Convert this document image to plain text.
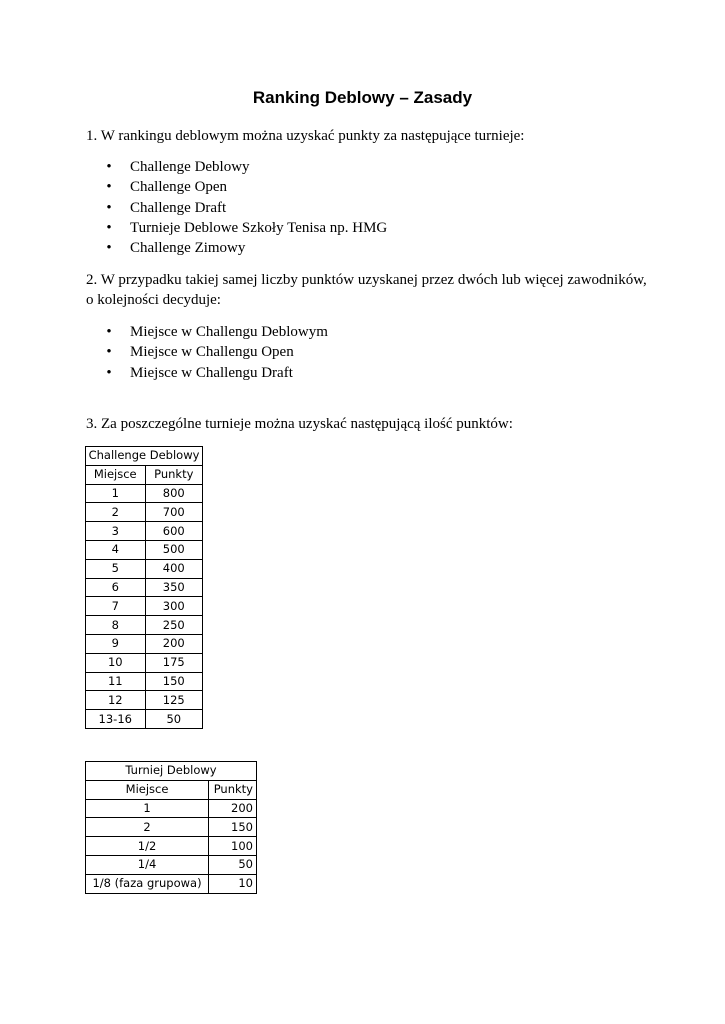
Ranking Deblowy – Zasady
1. W rankingu deblowym można uzyskać punkty za następujące turnieje:
• Challenge Deblowy
• Challenge Open
• Challenge Draft
• Turnieje Deblowe Szkoły Tenisa np. HMG
• Challenge Zimowy
2. W przypadku takiej samej liczby punktów uzyskanej przez dwóch lub więcej zawodników,
o kolejności decyduje:
• Miejsce w Challengu Deblowym
• Miejsce w Challengu Open
• Miejsce w Challengu Draft
3. Za poszczególne turnieje można uzyskać następującą ilość punktów:
Challenge Deblowy	
Miejsce	Punkty
1	800
2	700
3	600
4	500
5	400
6	350
7	300
8	250
9	200
10	175
11	150
12	125
13-16	50
Turniej Deblowy	
Miejsce	Punkty
1	200
2	150
1/2	100
1/4	50
1/8 (faza grupowa)	10
